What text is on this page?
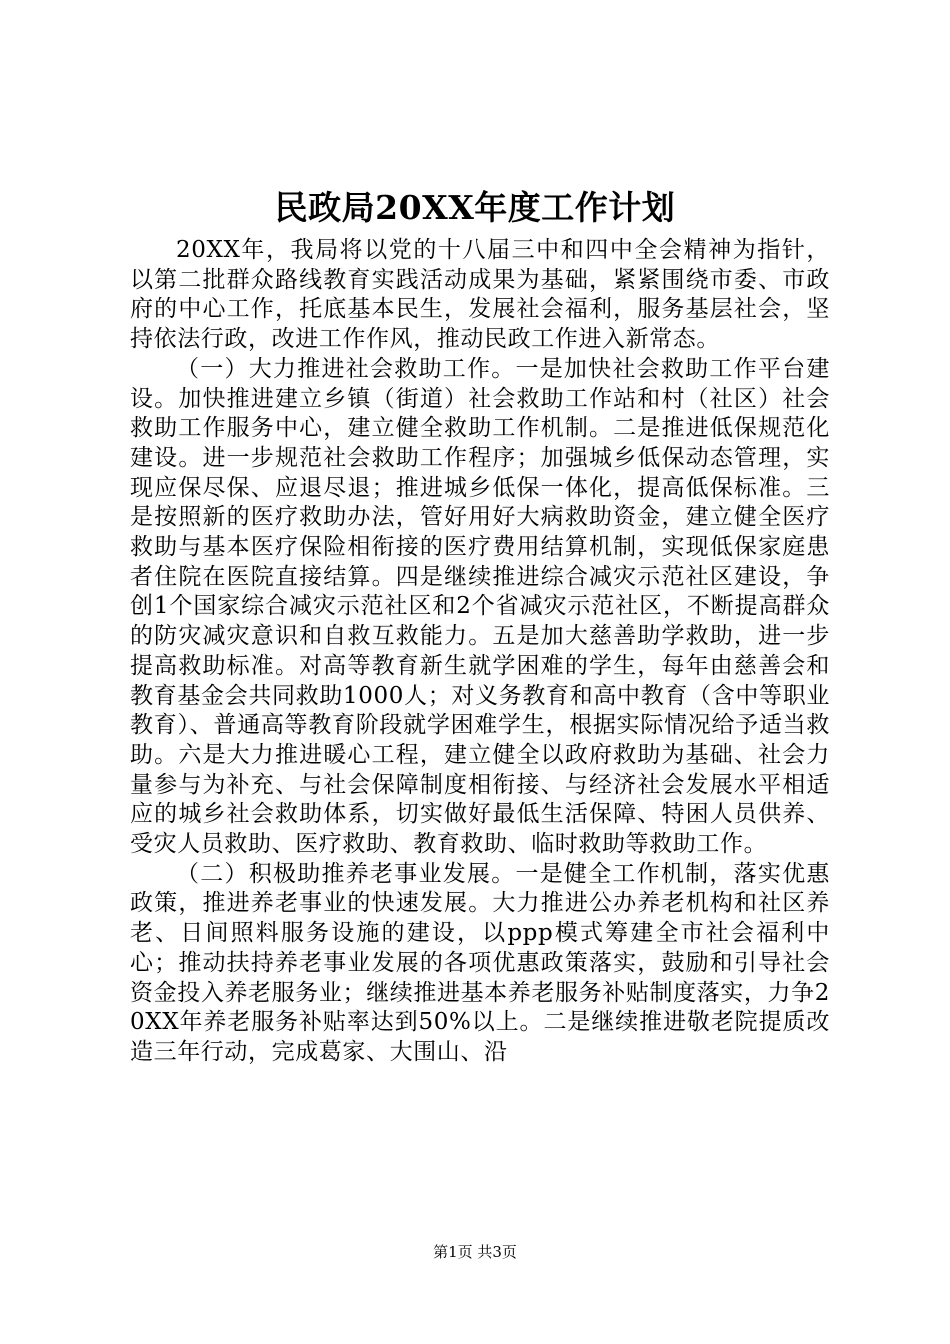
民政局20XX年度工作计划

20XX年，我局将以党的十八届三中和四中全会精神为指针，以第二批群众路线教育实践活动成果为基础，紧紧围绕市委、市政府的中心工作，托底基本民生，发展社会福利，服务基层社会，坚持依法行政，改进工作作风，推动民政工作进入新常态。

（一）大力推进社会救助工作。一是加快社会救助工作平台建设。加快推进建立乡镇（街道）社会救助工作站和村（社区）社会救助工作服务中心，建立健全救助工作机制。二是推进低保规范化建设。进一步规范社会救助工作程序；加强城乡低保动态管理，实现应保尽保、应退尽退；推进城乡低保一体化，提高低保标准。三是按照新的医疗救助办法，管好用好大病救助资金，建立健全医疗救助与基本医疗保险相衔接的医疗费用结算机制，实现低保家庭患者住院在医院直接结算。四是继续推进综合减灾示范社区建设，争创1个国家综合减灾示范社区和2个省减灾示范社区，不断提高群众的防灾减灾意识和自救互救能力。五是加大慈善助学救助，进一步提高救助标准。对高等教育新生就学困难的学生，每年由慈善会和教育基金会共同救助1000人；对义务教育和高中教育（含中等职业教育）、普通高等教育阶段就学困难学生，根据实际情况给予适当救助。六是大力推进暖心工程，建立健全以政府救助为基础、社会力量参与为补充、与社会保障制度相衔接、与经济社会发展水平相适应的城乡社会救助体系，切实做好最低生活保障、特困人员供养、受灾人员救助、医疗救助、教育救助、临时救助等救助工作。

（二）积极助推养老事业发展。一是健全工作机制，落实优惠政策，推进养老事业的快速发展。大力推进公办养老机构和社区养老、日间照料服务设施的建设，以ppp模式筹建全市社会福利中心；推动扶持养老事业发展的各项优惠政策落实，鼓励和引导社会资金投入养老服务业；继续推进基本养老服务补贴制度落实，力争20XX年养老服务补贴率达到50%以上。二是继续推进敬老院提质改造三年行动，完成葛家、大围山、沿

第1页 共3页
